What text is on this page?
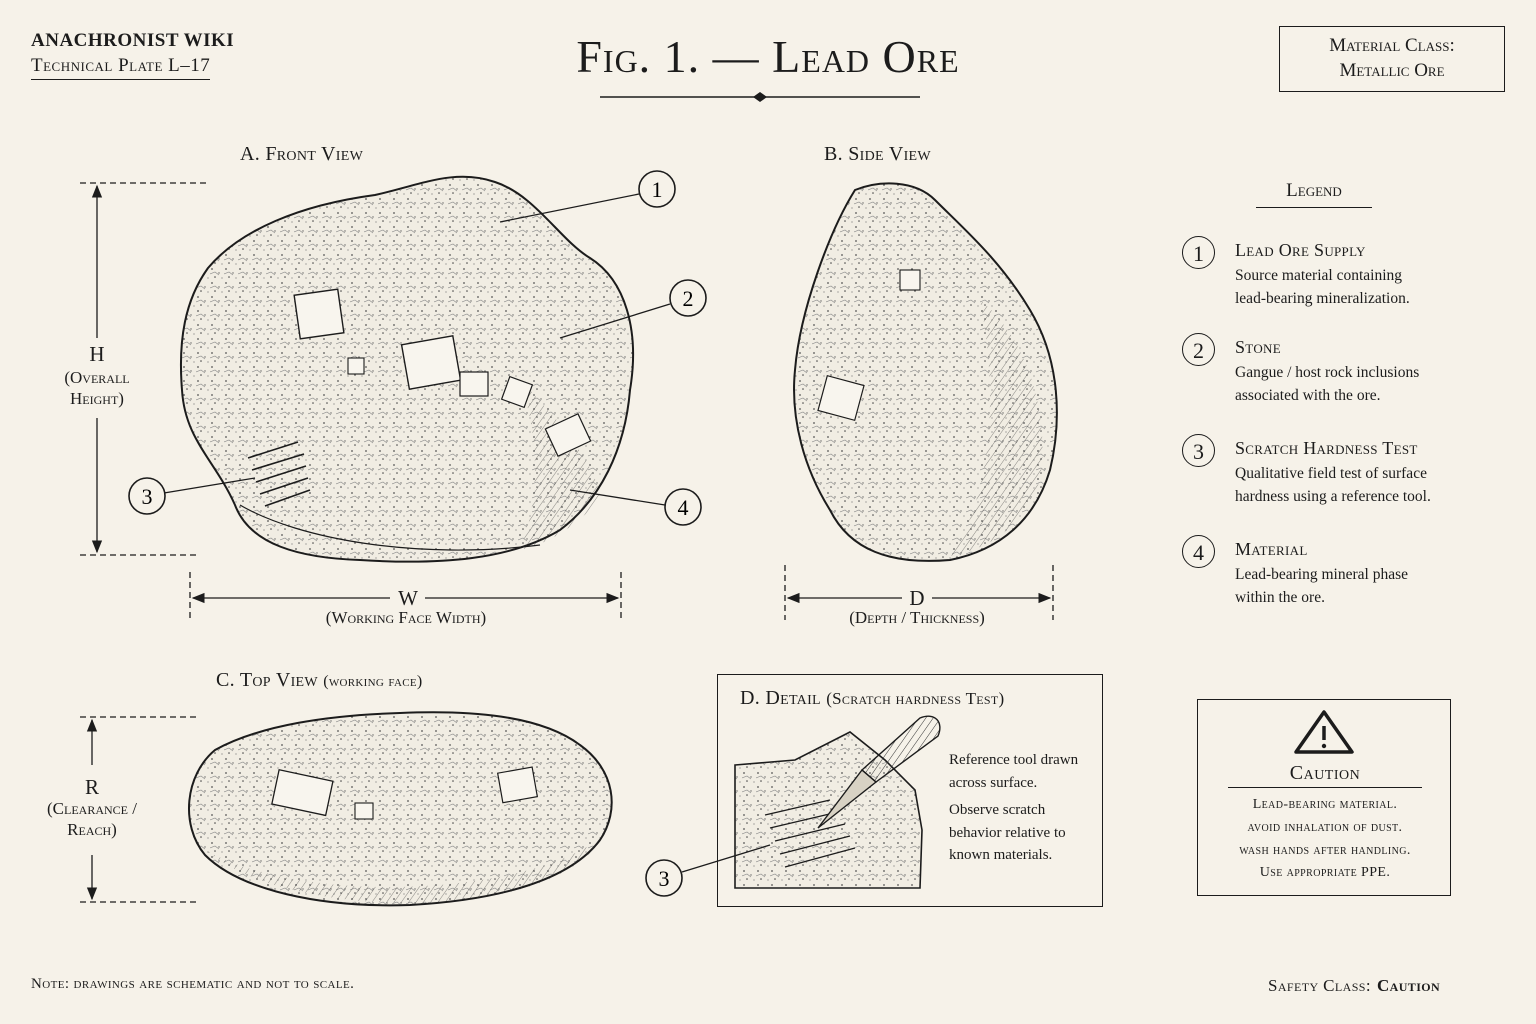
ANACHRONIST WIKI
Technical Plate L–17	Fig. 1. — Lead Ore	Material Class:
Metallic Ore
1
2
3	4
3
A. Front View
H
(Overall
Height)
W
(Working Face Width)
B. Side View
D
(Depth / Thickness)
C. Top View (working face)
R
(Clearance /
Reach)
D. Detail (Scratch hardness Test)
Reference tool drawn
across surface.
Observe scratch
behavior relative to
known materials.
Legend
1	Lead Ore Supply
Source material containing
lead-bearing mineralization.
2	Stone
Gangue / host rock inclusions
associated with the ore.
3	Scratch Hardness Test
Qualitative field test of surface
hardness using a reference tool.
4	Material
Lead-bearing mineral phase
within the ore.
Caution
Lead-bearing material.
avoid inhalation of dust.
wash hands after handling.
Use appropriate PPE.
Note: drawings are schematic and not to scale.	Safety Class: Caution
